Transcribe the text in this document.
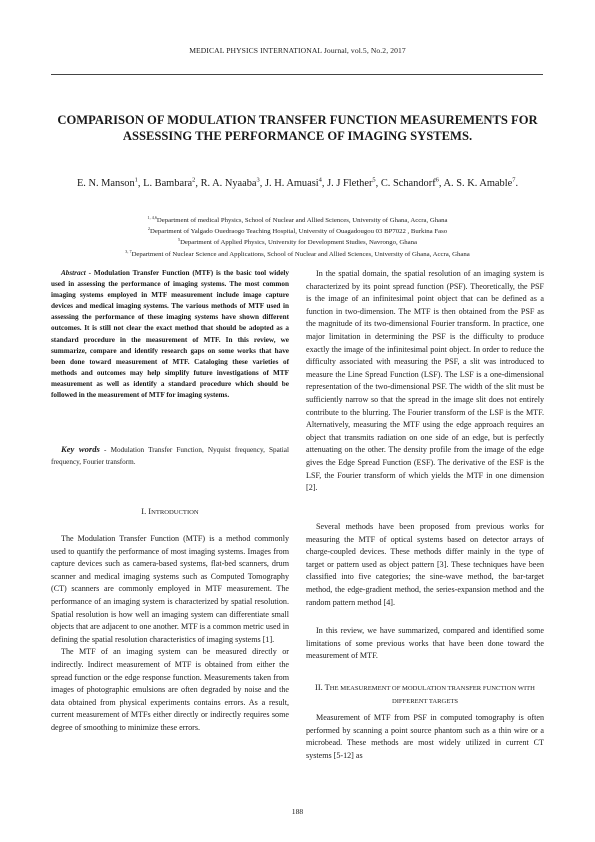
MEDICAL PHYSICS INTERNATIONAL Journal, vol.5, No.2, 2017
COMPARISON OF MODULATION TRANSFER FUNCTION MEASUREMENTS FOR ASSESSING THE PERFORMANCE OF IMAGING SYSTEMS.
E. N. Manson$^1$, L. Bambara$^2$, R. A. Nyaaba$^3$, J. H. Amuasi$^4$, J. J Flether$^5$, C. Schandorf$^6$, A. S. K. Amable$^7$.
$^{1, 4,6}$Department of medical Physics, School of Nuclear and Allied Sciences, University of Ghana, Accra, Ghana
$^2$Department of Yalgado Ouedraogo Teaching Hospital, University of Ouagadougou 03 BP7022 , Burkina Faso
$^5$Department of Applied Physics, University for Development Studies, Navrongo, Ghana
$^{3, 7}$Department of Nuclear Science and Applications, School of Nuclear and Allied Sciences, University of Ghana, Accra, Ghana
Abstract - Modulation Transfer Function (MTF) is the basic tool widely used in assessing the performance of imaging systems. The most common imaging systems employed in MTF measurement include image capture devices and medical imaging systems. The various methods of MTF used in assessing the performance of these imaging systems have shown different outcomes. It is still not clear the exact method that should be adopted as a standard procedure in the measurement of MTF. In this review, we summarize, compare and identify research gaps on some works that have been done toward measurement of MTF. Cataloging these varieties of methods and outcomes may help simplify future investigations of MTF measurement as well as identify a standard procedure which should be followed in the measurement of MTF for imaging systems.
Key words - Modulation Transfer Function, Nyquist frequency, Spatial frequency, Fourier transform.
I. INTRODUCTION

The Modulation Transfer Function (MTF) is a method commonly used to quantify the performance of most imaging systems. Images from capture devices such as camera-based systems, flat-bed scanners, drum scanner and medical imaging systems such as Computed Tomography (CT) scanners are commonly employed in MTF measurement. The performance of an imaging system is characterized by spatial resolution. Spatial resolution is how well an imaging system can differentiate small objects that are adjacent to one another. MTF is a common metric used in defining the spatial resolution characteristics of imaging systems [1].

The MTF of an imaging system can be measured directly or indirectly. Indirect measurement of MTF is obtained from either the spread function or the edge response function. Measurements taken from images of photographic emulsions are often degraded by noise and the data obtained from physical experiments contains errors. As a result, current measurement of MTFs either directly or indirectly requires some degree of smoothing to minimize these errors.

In the spatial domain, the spatial resolution of an imaging system is characterized by its point spread function (PSF). Theoretically, the PSF is the image of an infinitesimal point object that can be defined as a function in two-dimension. The MTF is then obtained from the PSF as the magnitude of its two-dimensional Fourier transform. In practice, one major limitation in determining the PSF is the difficulty to produce exactly the image of the infinitesimal point object. In order to reduce the difficulty associated with measuring the PSF, a slit was introduced to measure the Line Spread Function (LSF). The LSF is a one-dimensional representation of the two-dimensional PSF. The width of the slit must be sufficiently narrow so that the spread in the image slit does not entirely contribute to the blurring. The Fourier transform of the LSF is the MTF. Alternatively, measuring the MTF using the edge approach requires an object that transmits radiation on one side of an edge, but is perfectly attenuating on the other. The density profile from the image of the edge gives the Edge Spread Function (ESF). The derivative of the ESF is the LSF, the Fourier transform of which yields the MTF in one dimension [2].

Several methods have been proposed from previous works for measuring the MTF of optical systems based on detector arrays of charge-coupled devices. These methods differ mainly in the type of target or pattern used as object pattern [3]. These techniques have been classified into five categories; the sine-wave method, the bar-target method, the edge-gradient method, the series-expansion method and the random pattern method [4].

In this review, we have summarized, compared and identified some limitations of some previous works that have been done toward the measurement of MTF.

II. THE MEASUREMENT OF MODULATION TRANSFER FUNCTION WITH DIFFERENT TARGETS

Measurement of MTF from PSF in computed tomography is often performed by scanning a point source phantom such as a thin wire or a microbead. These methods are most widely utilized in current CT systems [5-12] as

188
